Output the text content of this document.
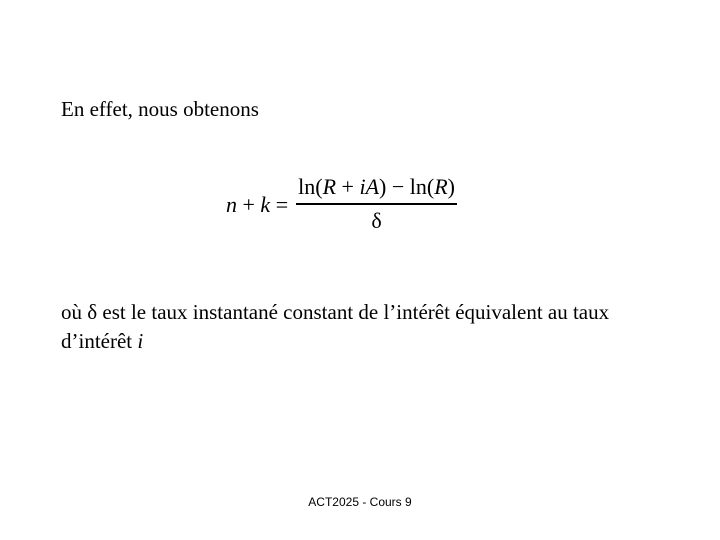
En effet, nous obtenons
$n + k = \frac{\ln(R + iA) - \ln(R)}{\delta}$
où δ est le taux instantané constant de l’intérêt équivalent au taux d’intérêt i
ACT2025 - Cours 9
